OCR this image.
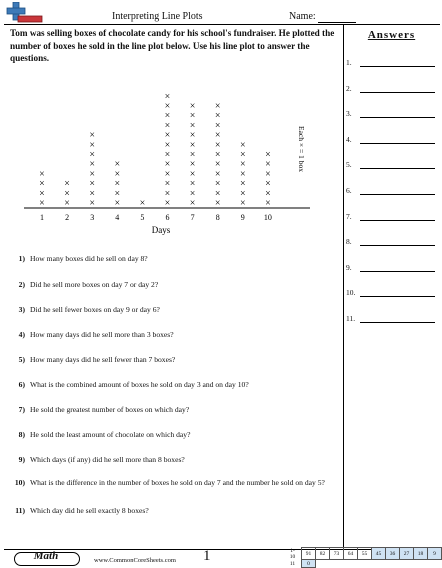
Interpreting Line Plots	Name:
Tom was selling boxes of chocolate candy for his school's fundraiser. He plotted the number of boxes he sold in the line plot below. Use his line plot to answer the questions.
×
×
×
×
×
×
×
×
×
×
×
×
×
×
×
×
×
×
×
×
× ×
×
×
×
×
×
×
×
×
×
×
×
×
×
×
×
×
×
×
×
×
×
×
×
×
×
×
×
×
×
×
×
×
×
×
×
×
×
×
×
×
×
×
×
×
×
×
1	2	3	4	5	6	7	8	9 10
Days
Each × = 1 box
Answers
1.
2.
3.
4.
5.
6.
7.
8.
9.
10.
11.
1) How many boxes did he sell on day 8?
2) Did he sell more boxes on day 7 or day 2?
3) Did he sell fewer boxes on day 9 or day 6?
4) How many days did he sell more than 3 boxes?
5) How many days did he sell fewer than 7 boxes?
6) What is the combined amount of boxes he sold on day 3 and on day 10?
7) He sold the greatest number of boxes on which day?
8) He sold the least amount of chocolate on which day?
9) Which days (if any) did he sell more than 8 boxes?
10) What is the difference in the number of boxes he sold on day 7 and the number he sold on day 5?
11) Which day did he sell exactly 8 boxes?
Math	www.CommonCoreSheets.com 1	1-10	91	82	73	64	55	45	36	27	18	9
11	0									
